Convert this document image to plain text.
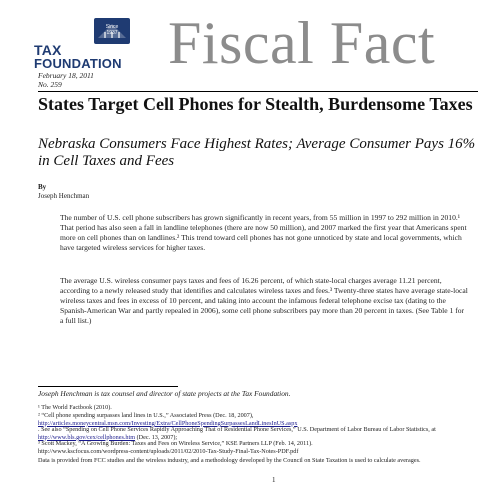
Since
1937
TAX
FOUNDATION Fiscal Fact
February 18, 2011
No. 259
States Target Cell Phones for Stealth, Burdensome Taxes
Nebraska Consumers Face Highest Rates; Average Consumer Pays 16% in Cell Taxes and Fees
By
Joseph Henchman
The number of U.S. cell phone subscribers has grown significantly in recent years, from 55 million in 1997 to 292 million in 2010.¹ That period has also seen a fall in landline telephones (there are now 50 million), and 2007 marked the first year that Americans spent more on cell phones than on landlines.² This trend toward cell phones has not gone unnoticed by state and local governments, which have targeted wireless services for higher taxes.
The average U.S. wireless consumer pays taxes and fees of 16.26 percent, of which state-local charges average 11.21 percent, according to a newly released study that identifies and calculates wireless taxes and fees.³ Twenty-three states have average state-local wireless taxes and fees in excess of 10 percent, and taking into account the infamous federal telephone excise tax (dating to the Spanish-American War and partly repealed in 2006), some cell phone subscribers pay more than 20 percent in taxes. (See Table 1 for a full list.)
Joseph Henchman is tax counsel and director of state projects at the Tax Foundation.
¹ The World Factbook (2010).
² “Cell phone spending surpasses land lines in U.S.,” Associated Press (Dec. 18, 2007),
http://articles.moneycentral.msn.com/Investing/Extra/CellPhoneSpendingSurpassesLandLinesInUS.aspx
. See also “Spending on Cell Phone Services Rapidly Approaching That of Residential Phone Services,” U.S. Department of Labor Bureau of Labor Statistics, at http://www.bls.gov/cex/cellphones.htm (Dec. 13, 2007);
³ Scott Mackey, “A Growing Burden: Taxes and Fees on Wireless Service,” KSE Partners LLP (Feb. 14, 2011).
http://www.kscfocus.com/wordpress-content/uploads/2011/02/2010-Tax-Study-Final-Tax-Notes-PDF.pdf
Data is provided from FCC studies and the wireless industry, and a methodology developed by the Council on State Taxation is used to calculate averages.
1
